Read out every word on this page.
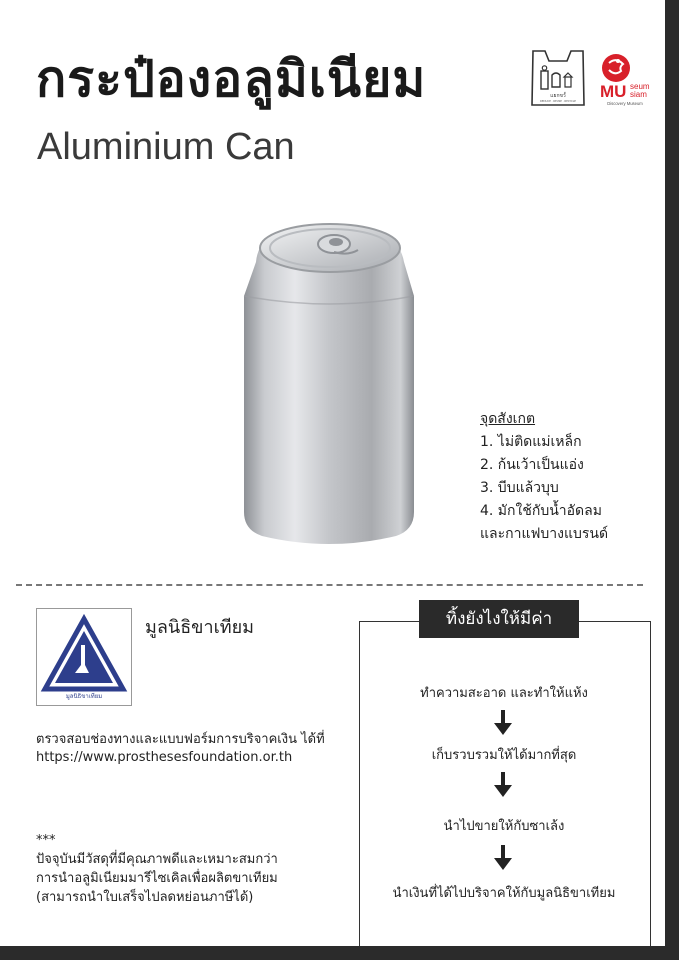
กระป๋องอลูมิเนียม
Aluminium Can
แยกขวั้
REDUCE · REUSE · RECYCLE
MU seum
siam
Discovery Museum
จุดสังเกต
1. ไม่ติดแม่เหล็ก
2. ก้นเว้าเป็นแอ่ง
3. บีบแล้วบุบ
4. มักใช้กับน้ำอัดลม
และกาแฟบางแบรนด์
มูลนิธิขาเทียม
มูลนิธิขาเทียม
ตรวจสอบช่องทางและแบบฟอร์มการบริจาคเงิน ได้ที่
https://www.prosthesesfoundation.or.th
***
ปัจจุบันมีวัสดุที่มีคุณภาพดีและเหมาะสมกว่า
การนำอลูมิเนียมมารีไซเคิลเพื่อผลิตขาเทียม
(สามารถนำใบเสร็จไปลดหย่อนภาษีได้)
ทิ้งยังไงให้มีค่า
ทำความสะอาด และทำให้แห้ง
เก็บรวบรวมให้ได้มากที่สุด
นำไปขายให้กับซาเล้ง
นำเงินที่ได้ไปบริจาคให้กับมูลนิธิขาเทียม
